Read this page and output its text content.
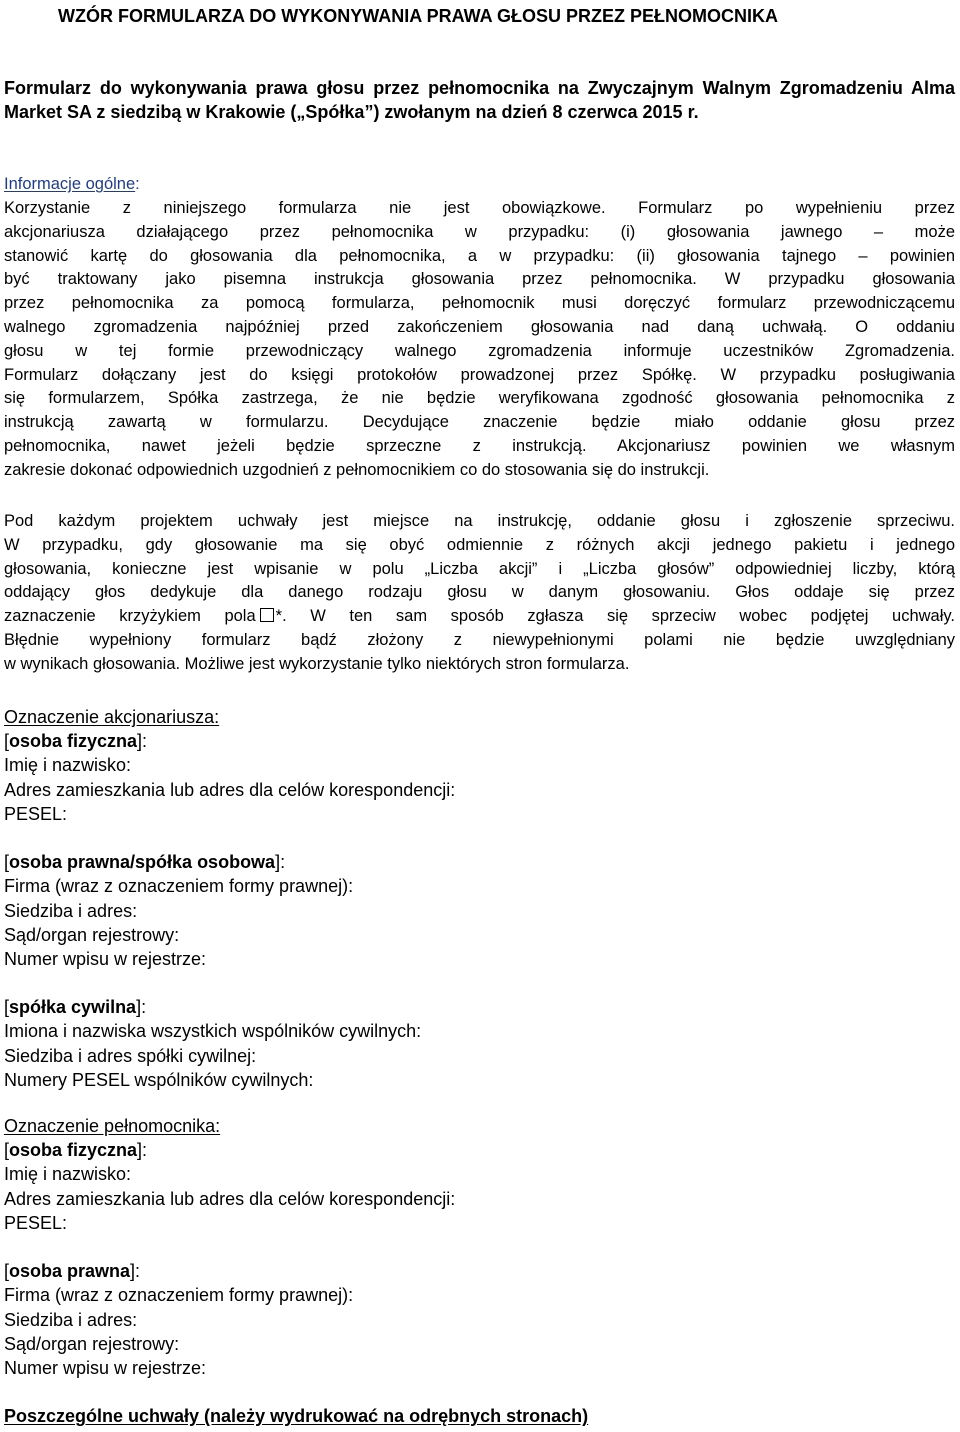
WZÓR FORMULARZA DO WYKONYWANIA PRAWA GŁOSU PRZEZ PEŁNOMOCNIKA
Formularz do wykonywania prawa głosu przez pełnomocnika na Zwyczajnym Walnym Zgromadzeniu Alma Market SA z siedzibą w Krakowie („Spółka”) zwołanym na dzień 8 czerwca 2015 r.
Informacje ogólne:
Korzystanie z niniejszego formularza nie jest obowiązkowe. Formularz po wypełnieniu przez
akcjonariusza działającego przez pełnomocnika w przypadku: (i) głosowania jawnego – może
stanowić kartę do głosowania dla pełnomocnika, a w przypadku: (ii) głosowania tajnego – powinien
być traktowany jako pisemna instrukcja głosowania przez pełnomocnika. W przypadku głosowania
przez pełnomocnika za pomocą formularza, pełnomocnik musi doręczyć formularz przewodniczącemu
walnego zgromadzenia najpóźniej przed zakończeniem głosowania nad daną uchwałą. O oddaniu
głosu w tej formie przewodniczący walnego zgromadzenia informuje uczestników Zgromadzenia.
Formularz dołączany jest do księgi protokołów prowadzonej przez Spółkę. W przypadku posługiwania
się formularzem, Spółka zastrzega, że nie będzie weryfikowana zgodność głosowania pełnomocnika z
instrukcją zawartą w formularzu. Decydujące znaczenie będzie miało oddanie głosu przez
pełnomocnika, nawet jeżeli będzie sprzeczne z instrukcją. Akcjonariusz powinien we własnym
zakresie dokonać odpowiednich uzgodnień z pełnomocnikiem co do stosowania się do instrukcji.
Pod każdym projektem uchwały jest miejsce na instrukcję, oddanie głosu i zgłoszenie sprzeciwu.
W przypadku, gdy głosowanie ma się obyć odmiennie z różnych akcji jednego pakietu i jednego
głosowania, konieczne jest wpisanie w polu „Liczba akcji” i „Liczba głosów” odpowiedniej liczby, którą
oddający głos dedykuje dla danego rodzaju głosu w danym głosowaniu. Głos oddaje się przez
zaznaczenie krzyżykiem pola *. W ten sam sposób zgłasza się sprzeciw wobec podjętej uchwały.
Błędnie wypełniony formularz bądź złożony z niewypełnionymi polami nie będzie uwzględniany
w wynikach głosowania. Możliwe jest wykorzystanie tylko niektórych stron formularza.
Oznaczenie akcjonariusza:
[osoba fizyczna]:
Imię i nazwisko:
Adres zamieszkania lub adres dla celów korespondencji:
PESEL:
[osoba prawna/spółka osobowa]:
Firma (wraz z oznaczeniem formy prawnej):
Siedziba i adres:
Sąd/organ rejestrowy:
Numer wpisu w rejestrze:
[spółka cywilna]:
Imiona i nazwiska wszystkich wspólników cywilnych:
Siedziba i adres spółki cywilnej:
Numery PESEL wspólników cywilnych:
Oznaczenie pełnomocnika:
[osoba fizyczna]:
Imię i nazwisko:
Adres zamieszkania lub adres dla celów korespondencji:
PESEL:
[osoba prawna]:
Firma (wraz z oznaczeniem formy prawnej):
Siedziba i adres:
Sąd/organ rejestrowy:
Numer wpisu w rejestrze:
Poszczególne uchwały (należy wydrukować na odrębnych stronach)
